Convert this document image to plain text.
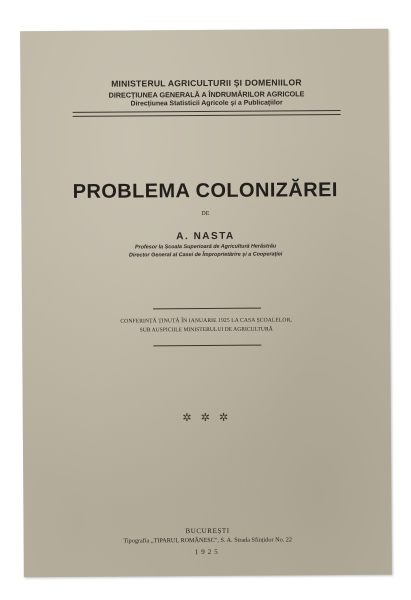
MINISTERUL AGRICULTURII ȘI DOMENIILOR
DIRECȚIUNEA GENERALĂ A ÎNDRUMĂRILOR AGRICOLE
Direcțiunea Statisticii Agricole și a Publicațiilor
PROBLEMA COLONIZĂREI
DE
A. NASTA
Profesor la Școala Superioară de Agricultură Herăstrău
Director General al Casei de Împroprietărire și a Cooperației
CONFERINȚĂ ȚINUTĂ ÎN IANUARIE 1925 LA CASA ȘCOALELOR,
SUB AUSPICIILE MINISTERULUI DE AGRICULTURĂ
✲ ✲ ✲
BUCUREȘTI
Tipografia „TIPARUL ROMÂNESC", S. A. Strada Sfințidor No. 22
1925
